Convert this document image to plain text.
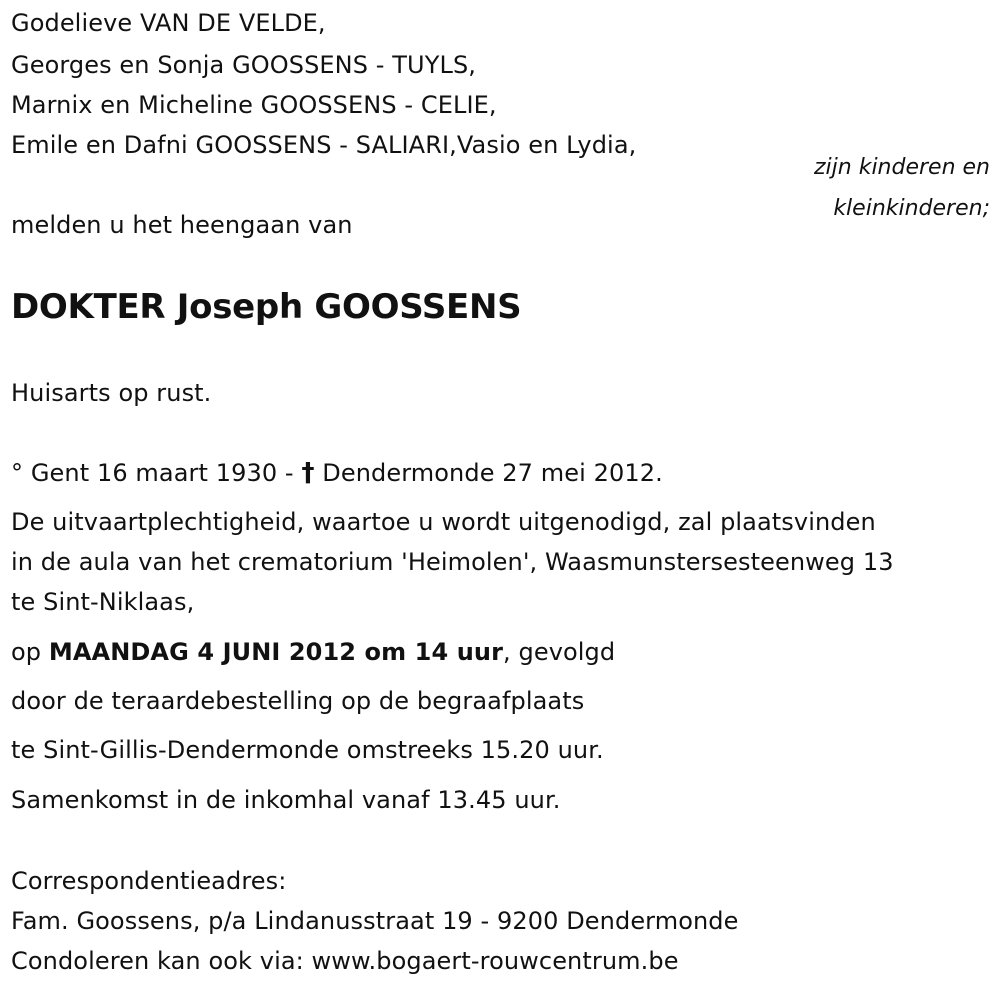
Godelieve VAN DE VELDE,
Georges en Sonja GOOSSENS - TUYLS,
Marnix en Micheline GOOSSENS - CELIE,
Emile en Dafni GOOSSENS - SALIARI,Vasio en Lydia,
zijn kinderen en
kleinkinderen;
melden u het heengaan van
DOKTER Joseph GOOSSENS
Huisarts op rust.
° Gent 16 maart 1930 - † Dendermonde 27 mei 2012.
De uitvaartplechtigheid, waartoe u wordt uitgenodigd, zal plaatsvinden
in de aula van het crematorium 'Heimolen', Waasmunstersesteenweg 13
te Sint-Niklaas,
op MAANDAG 4 JUNI 2012 om 14 uur, gevolgd
door de teraardebestelling op de begraafplaats
te Sint-Gillis-Dendermonde omstreeks 15.20 uur.
Samenkomst in de inkomhal vanaf 13.45 uur.
Correspondentieadres:
Fam. Goossens, p/a Lindanusstraat 19 - 9200 Dendermonde
Condoleren kan ook via: www.bogaert-rouwcentrum.be
